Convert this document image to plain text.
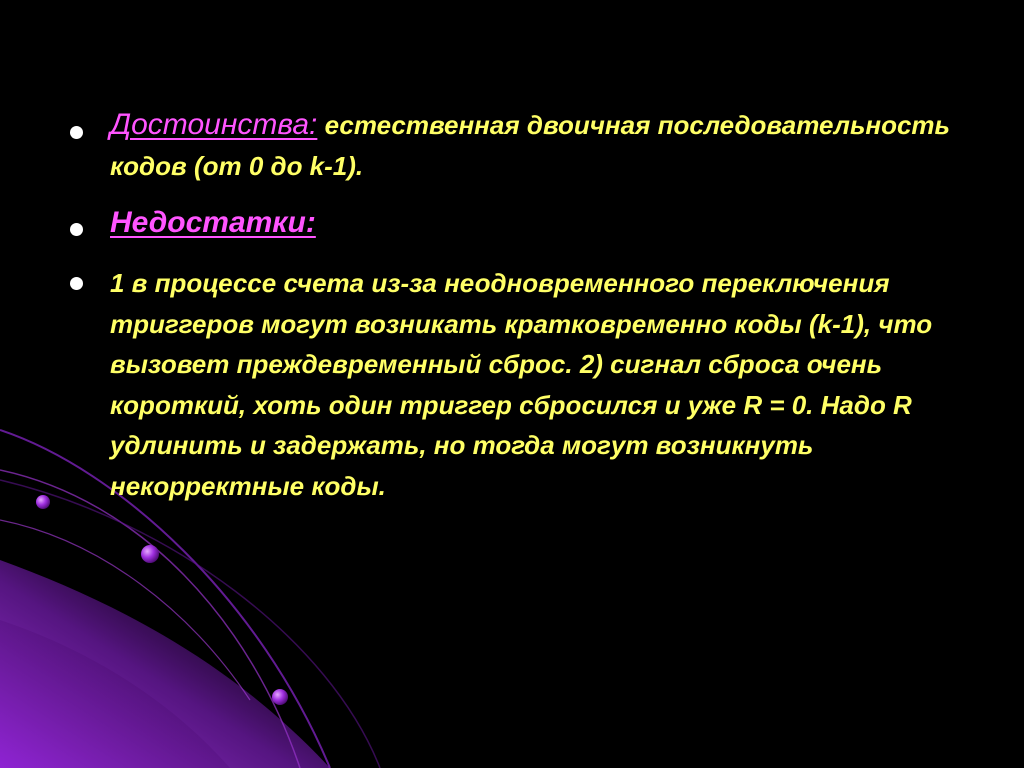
Достоинства: естественная двоичная последовательность кодов (от 0 до k-1).
Недостатки:
1 в процессе счета из-за неодновременного переключения триггеров могут возникать кратковременно коды (k-1), что вызовет преждевременный сброс. 2) сигнал сброса очень короткий, хоть один триггер сбросился и уже R = 0. Надо R удлинить и задержать, но тогда могут возникнуть некорректные коды.
